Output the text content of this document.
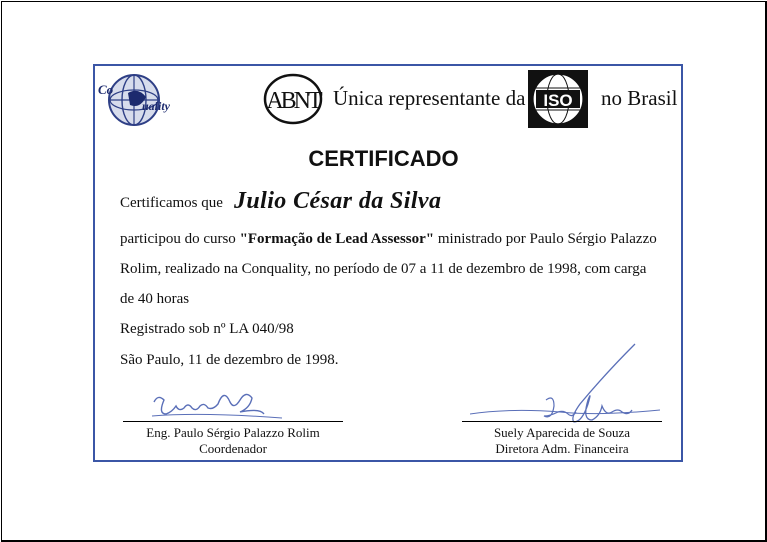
Co
uality	ABNT Única representante da ISO no Brasil
CERTIFICADO
Certificamos que Julio César da Silva
participou do curso "Formação de Lead Assessor" ministrado por Paulo Sérgio Palazzo
Rolim, realizado na Conquality, no período de 07 a 11 de dezembro de 1998, com carga
de 40 horas
Registrado sob nº LA 040/98
São Paulo, 11 de dezembro de 1998.
Eng. Paulo Sérgio Palazzo Rolim
Coordenador
Suely Aparecida de Souza
Diretora Adm. Financeira
